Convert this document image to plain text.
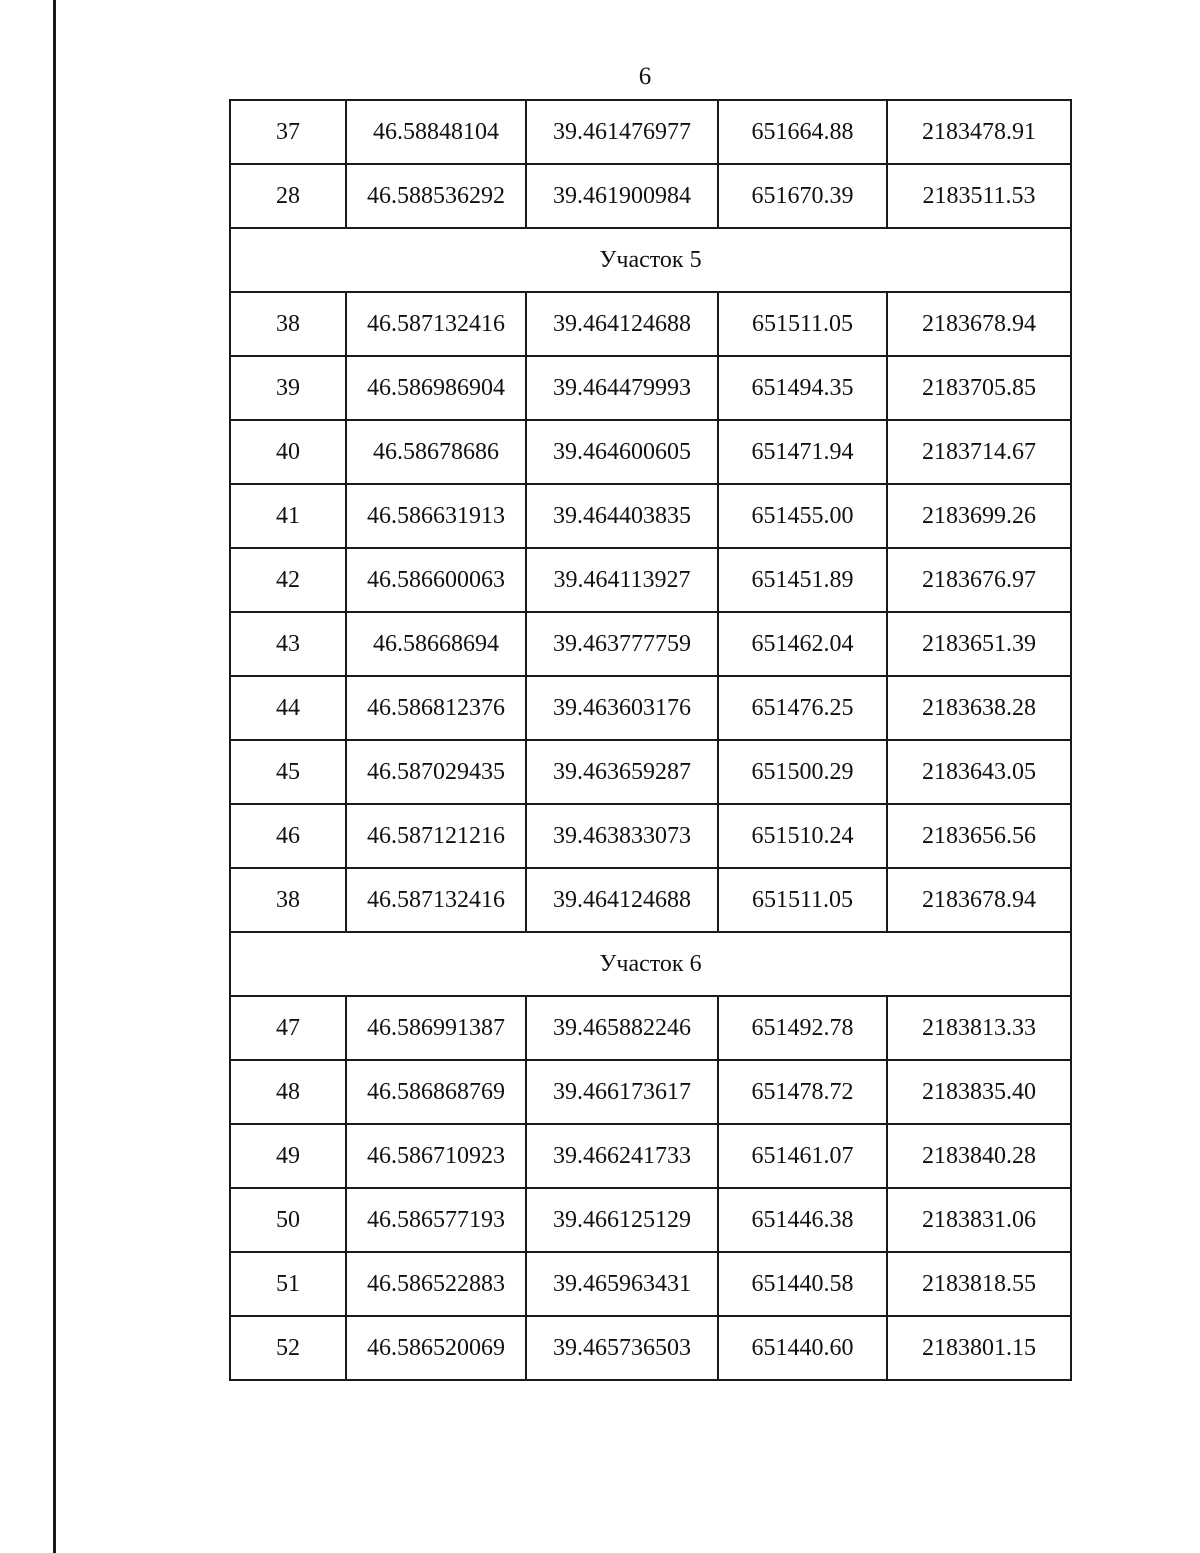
6
37	46.58848104	39.461476977	651664.88	2183478.91
28	46.588536292	39.461900984	651670.39	2183511.53
Участок 5				
38	46.587132416	39.464124688	651511.05	2183678.94
39	46.586986904	39.464479993	651494.35	2183705.85
40	46.58678686	39.464600605	651471.94	2183714.67
41	46.586631913	39.464403835	651455.00	2183699.26
42	46.586600063	39.464113927	651451.89	2183676.97
43	46.58668694	39.463777759	651462.04	2183651.39
44	46.586812376	39.463603176	651476.25	2183638.28
45	46.587029435	39.463659287	651500.29	2183643.05
46	46.587121216	39.463833073	651510.24	2183656.56
38	46.587132416	39.464124688	651511.05	2183678.94
Участок 6				
47	46.586991387	39.465882246	651492.78	2183813.33
48	46.586868769	39.466173617	651478.72	2183835.40
49	46.586710923	39.466241733	651461.07	2183840.28
50	46.586577193	39.466125129	651446.38	2183831.06
51	46.586522883	39.465963431	651440.58	2183818.55
52	46.586520069	39.465736503	651440.60	2183801.15
